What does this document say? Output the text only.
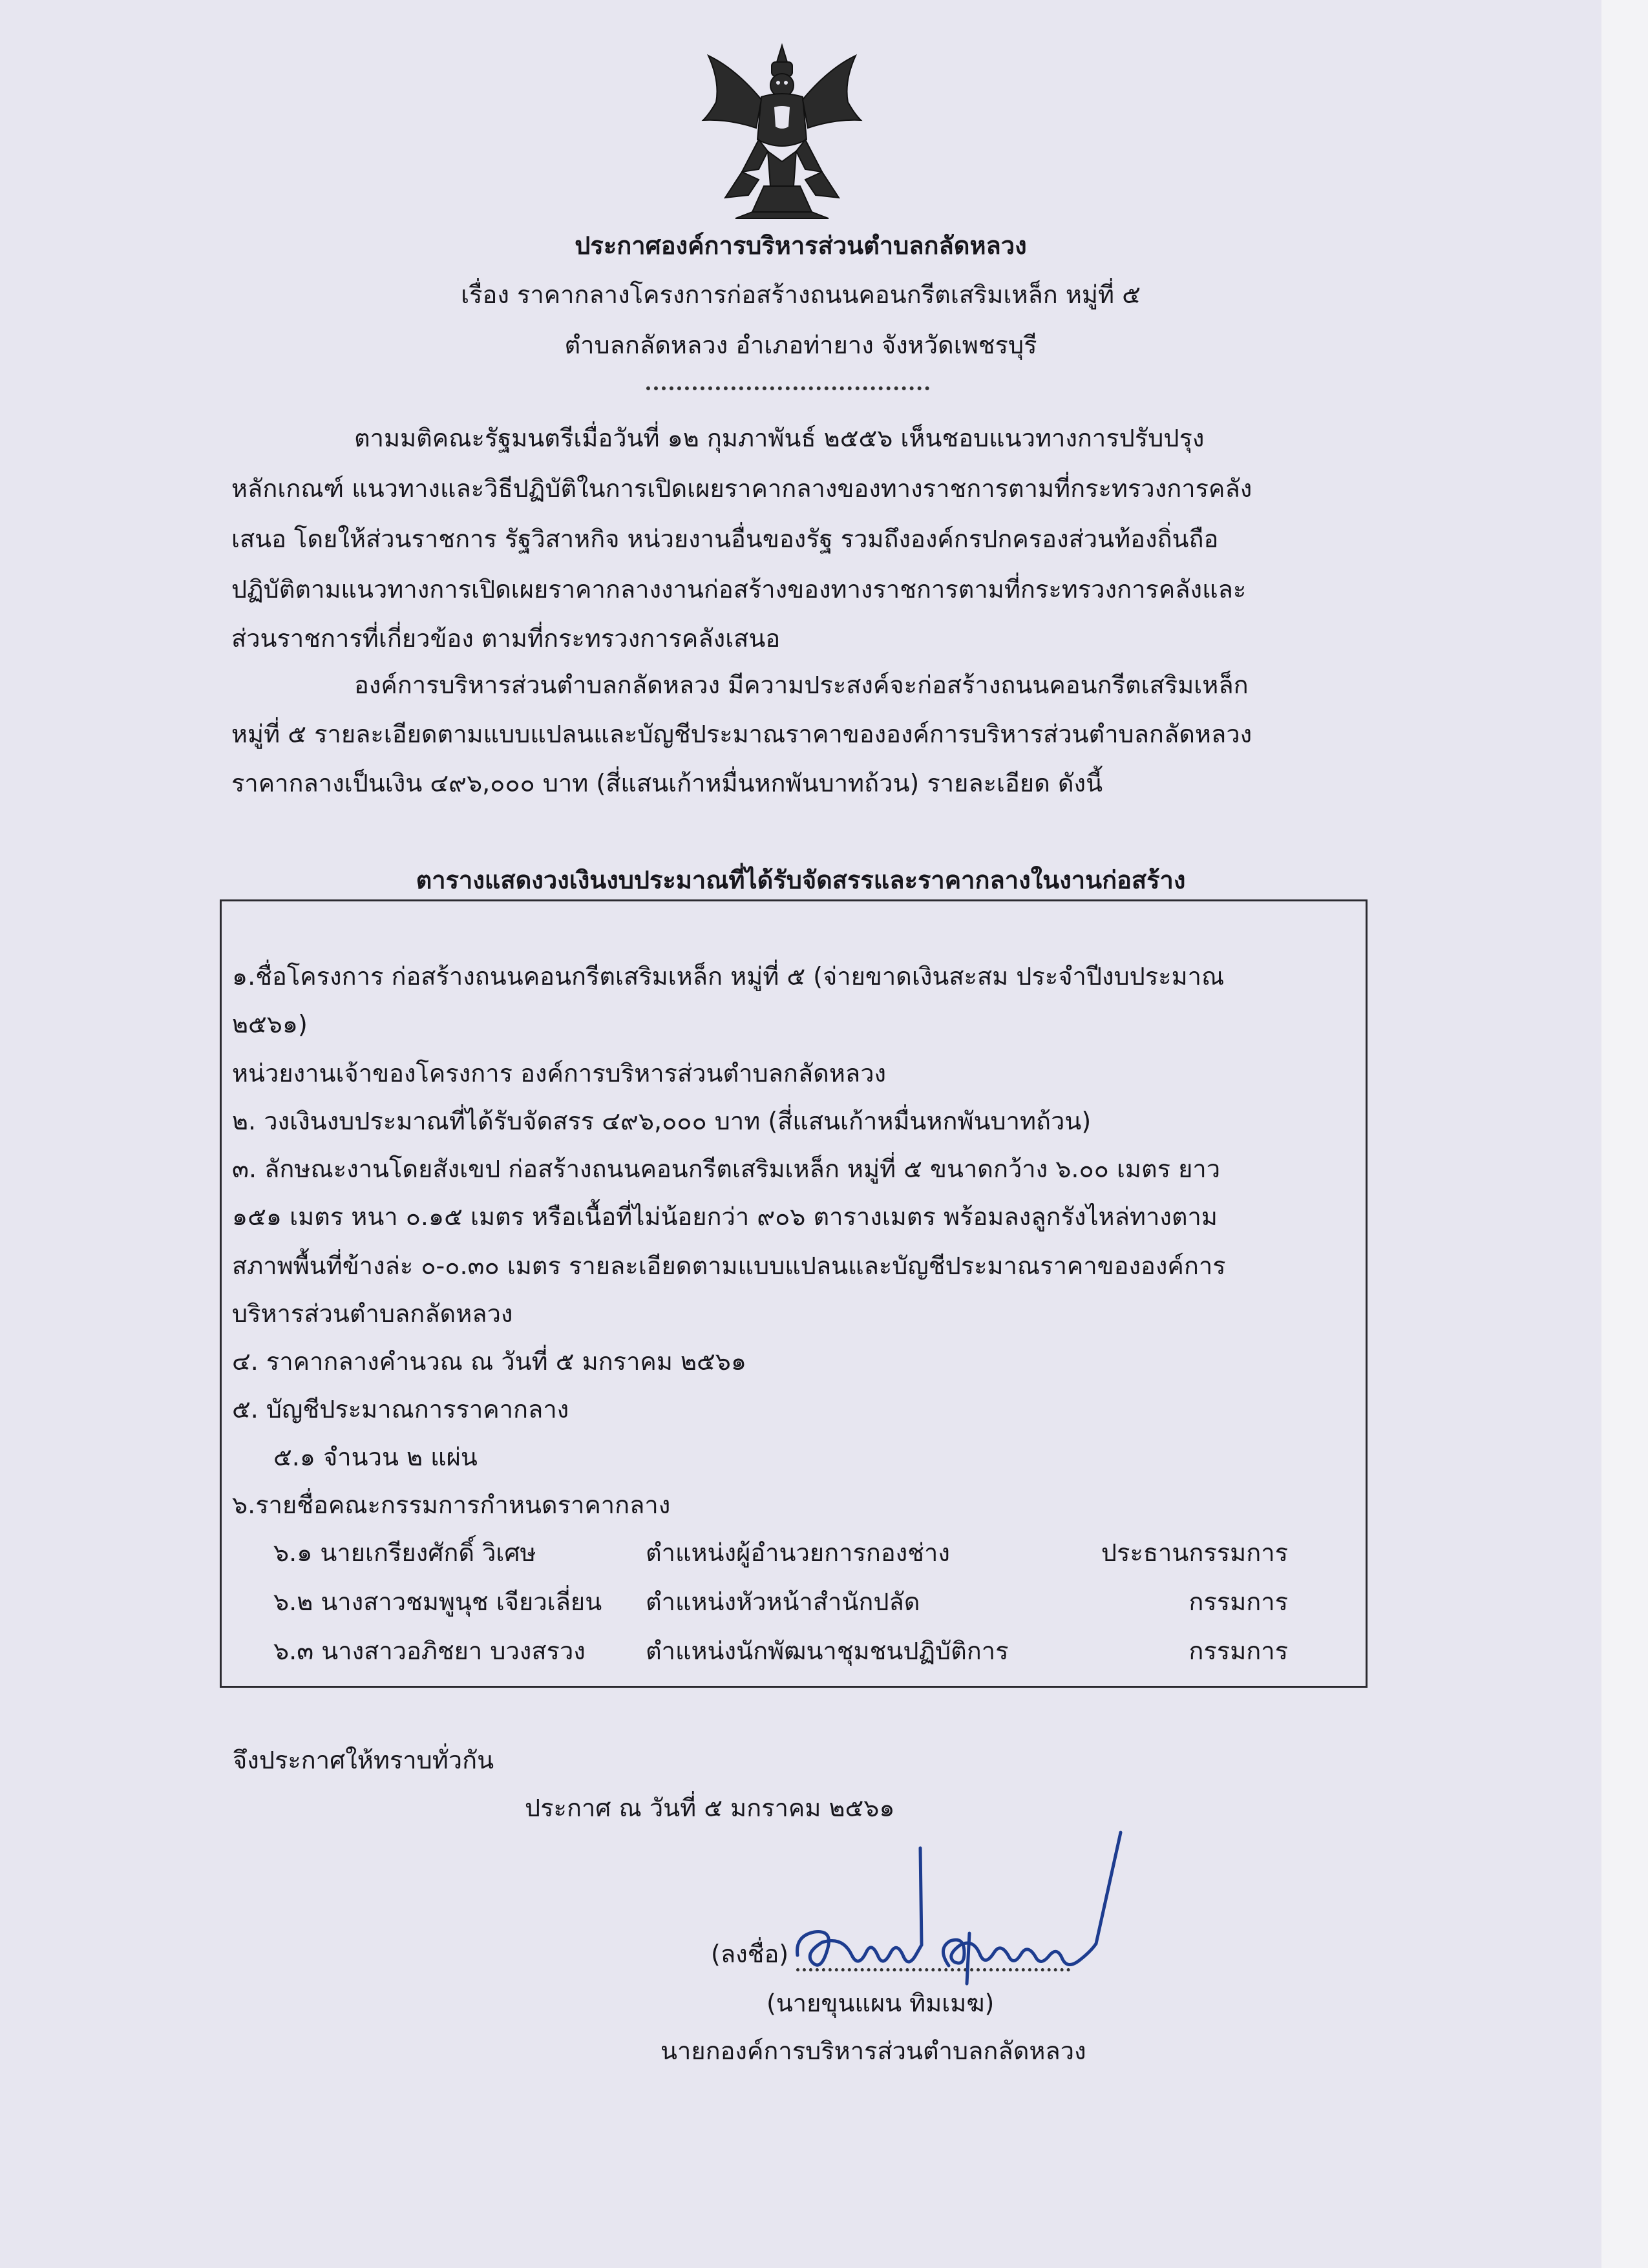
ประกาศองค์การบริหารส่วนตำบลกลัดหลวง
เรื่อง ราคากลางโครงการก่อสร้างถนนคอนกรีตเสริมเหล็ก หมู่ที่ ๕
ตำบลกลัดหลวง อำเภอท่ายาง จังหวัดเพชรบุรี
ตามมติคณะรัฐมนตรีเมื่อวันที่ ๑๒ กุมภาพันธ์ ๒๕๕๖ เห็นชอบแนวทางการปรับปรุง
หลักเกณฑ์ แนวทางและวิธีปฏิบัติในการเปิดเผยราคากลางของทางราชการตามที่กระทรวงการคลัง
เสนอ โดยให้ส่วนราชการ รัฐวิสาหกิจ หน่วยงานอื่นของรัฐ รวมถึงองค์กรปกครองส่วนท้องถิ่นถือ
ปฏิบัติตามแนวทางการเปิดเผยราคากลางงานก่อสร้างของทางราชการตามที่กระทรวงการคลังและ
ส่วนราชการที่เกี่ยวข้อง ตามที่กระทรวงการคลังเสนอ
องค์การบริหารส่วนตำบลกลัดหลวง มีความประสงค์จะก่อสร้างถนนคอนกรีตเสริมเหล็ก
หมู่ที่ ๕ รายละเอียดตามแบบแปลนและบัญชีประมาณราคาขององค์การบริหารส่วนตำบลกลัดหลวง
ราคากลางเป็นเงิน ๔๙๖,๐๐๐ บาท (สี่แสนเก้าหมื่นหกพันบาทถ้วน) รายละเอียด ดังนี้
ตารางแสดงวงเงินงบประมาณที่ได้รับจัดสรรและราคากลางในงานก่อสร้าง
๑.ชื่อโครงการ ก่อสร้างถนนคอนกรีตเสริมเหล็ก หมู่ที่ ๕ (จ่ายขาดเงินสะสม ประจำปีงบประมาณ
๒๕๖๑)
หน่วยงานเจ้าของโครงการ องค์การบริหารส่วนตำบลกลัดหลวง
๒. วงเงินงบประมาณที่ได้รับจัดสรร ๔๙๖,๐๐๐ บาท (สี่แสนเก้าหมื่นหกพันบาทถ้วน)
๓. ลักษณะงานโดยสังเขป ก่อสร้างถนนคอนกรีตเสริมเหล็ก หมู่ที่ ๕ ขนาดกว้าง ๖.๐๐ เมตร ยาว
๑๕๑ เมตร หนา ๐.๑๕ เมตร หรือเนื้อที่ไม่น้อยกว่า ๙๐๖ ตารางเมตร พร้อมลงลูกรังไหล่ทางตาม
สภาพพื้นที่ข้างล่ะ ๐-๐.๓๐ เมตร รายละเอียดตามแบบแปลนและบัญชีประมาณราคาขององค์การ
บริหารส่วนตำบลกลัดหลวง
๔. ราคากลางคำนวณ ณ วันที่ ๕ มกราคม ๒๕๖๑
๕. บัญชีประมาณการราคากลาง
๕.๑ จำนวน ๒ แผ่น
๖.รายชื่อคณะกรรมการกำหนดราคากลาง
๖.๑ นายเกรียงศักดิ์ วิเศษ	ตำแหน่งผู้อำนวยการกองช่าง	ประธานกรรมการ
๖.๒ นางสาวชมพูนุช เจียวเลี่ยน ตำแหน่งหัวหน้าสำนักปลัด	กรรมการ
๖.๓ นางสาวอภิชยา บวงสรวง ตำแหน่งนักพัฒนาชุมชนปฏิบัติการ	กรรมการ
จึงประกาศให้ทราบทั่วกัน
ประกาศ ณ วันที่ ๕ มกราคม ๒๕๖๑
(ลงชื่อ)
(นายขุนแผน ทิมเมฆ)
นายกองค์การบริหารส่วนตำบลกลัดหลวง
